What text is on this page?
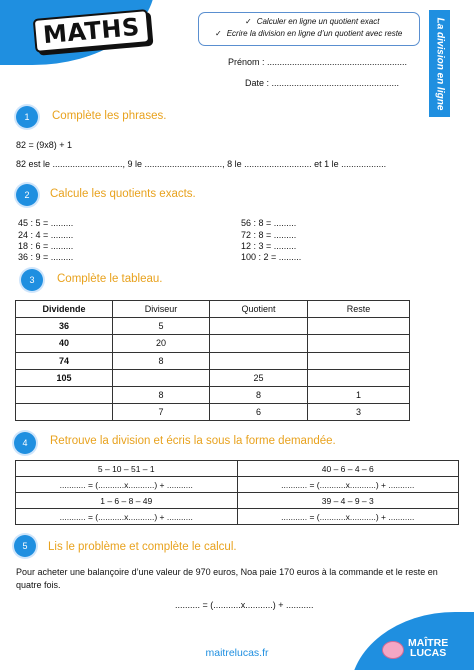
MATHS	✓ Calculer en ligne un quotient exact
✓ Ecrire la division en ligne d’un quotient avec reste	La division en ligne
Prénom : ........................................................
Date : ...................................................
1	Complète les phrases.
82 = (9x8) + 1
82 est le ............................, 9 le ..............................., 8 le ........................... et 1 le ..................
2	Calcule les quotients exacts.
45 : 5 = .........
24 : 4 = .........
18 : 6 = .........
36 : 9 = .........
56 : 8 = .........
72 : 8 = .........
12 : 3 = .........
100 : 2 = .........
3	Complète le tableau.
Dividende	Diviseur	Quotient	Reste
36	5		
40	20		
74	8		
105		25	
	8	8	1
	7	6	3
4	Retrouve la division et écris la sous la forme demandée.
5 – 10 – 51 – 1	40 – 6 – 4 – 6
........... = (...........x...........) + ...........	........... = (...........x...........) + ...........
1 – 6 – 8 – 49	39 – 4 – 9 – 3
........... = (...........x...........) + ...........	........... = (...........x...........) + ...........
5	Lis le problème et complète le calcul.
Pour acheter une balançoire d’une valeur de 970 euros, Noa paie 170 euros à la commande et le reste en
quatre fois.
.......... = (...........x...........) + ...........
maitrelucas.fr
MAÎTRE
LUCAS
